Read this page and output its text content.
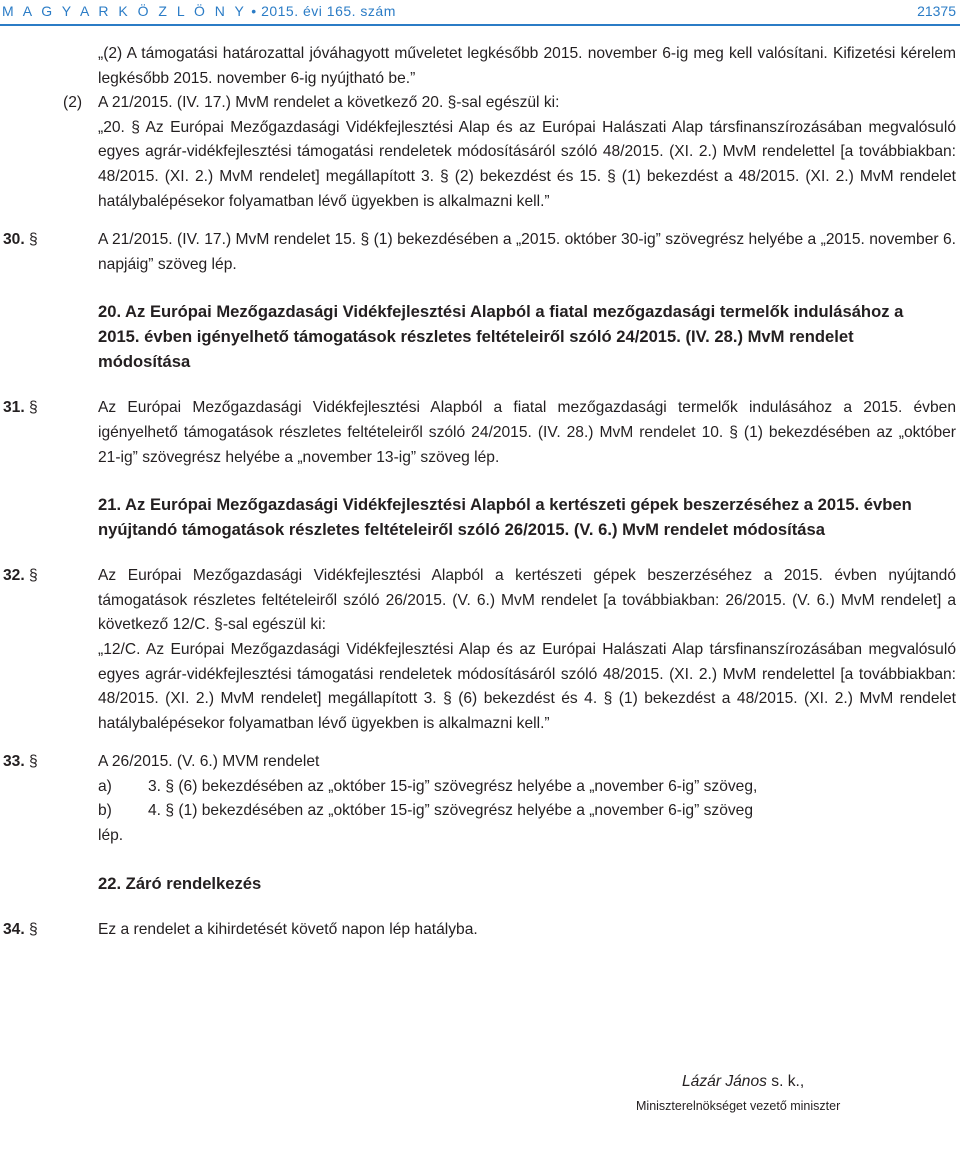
M A G Y A R K Ö Z L Ö N Y • 2015. évi 165. szám	21375
„(2) A támogatási határozattal jóváhagyott műveletet legkésőbb 2015. november 6-ig meg kell valósítani. Kifizetési kérelem legkésőbb 2015. november 6-ig nyújtható be.”
(2) A 21/2015. (IV. 17.) MvM rendelet a következő 20. §-sal egészül ki:
„20. § Az Európai Mezőgazdasági Vidékfejlesztési Alap és az Európai Halászati Alap társfinanszírozásában megvalósuló egyes agrár-vidékfejlesztési támogatási rendeletek módosításáról szóló 48/2015. (XI. 2.) MvM rendelettel [a továbbiakban: 48/2015. (XI. 2.) MvM rendelet] megállapított 3. § (2) bekezdést és 15. § (1) bekezdést a 48/2015. (XI. 2.) MvM rendelet hatálybalépésekor folyamatban lévő ügyekben is alkalmazni kell.”
30. §	A 21/2015. (IV. 17.) MvM rendelet 15. § (1) bekezdésében a „2015. október 30-ig” szövegrész helyébe a „2015. november 6. napjáig” szöveg lép.
20. Az Európai Mezőgazdasági Vidékfejlesztési Alapból a fiatal mezőgazdasági termelők indulásához a 2015. évben igényelhető támogatások részletes feltételeiről szóló 24/2015. (IV. 28.) MvM rendelet módosítása
31. §	Az Európai Mezőgazdasági Vidékfejlesztési Alapból a fiatal mezőgazdasági termelők indulásához a 2015. évben igényelhető támogatások részletes feltételeiről szóló 24/2015. (IV. 28.) MvM rendelet 10. § (1) bekezdésében az „október 21-ig” szövegrész helyébe a „november 13-ig” szöveg lép.
21. Az Európai Mezőgazdasági Vidékfejlesztési Alapból a kertészeti gépek beszerzéséhez a 2015. évben nyújtandó támogatások részletes feltételeiről szóló 26/2015. (V. 6.) MvM rendelet módosítása
32. §	Az Európai Mezőgazdasági Vidékfejlesztési Alapból a kertészeti gépek beszerzéséhez a 2015. évben nyújtandó támogatások részletes feltételeiről szóló 26/2015. (V. 6.) MvM rendelet [a továbbiakban: 26/2015. (V. 6.) MvM rendelet] a következő 12/C. §-sal egészül ki:
„12/C. Az Európai Mezőgazdasági Vidékfejlesztési Alap és az Európai Halászati Alap társfinanszírozásában megvalósuló egyes agrár-vidékfejlesztési támogatási rendeletek módosításáról szóló 48/2015. (XI. 2.) MvM rendelettel [a továbbiakban: 48/2015. (XI. 2.) MvM rendelet] megállapított 3. § (6) bekezdést és 4. § (1) bekezdést a 48/2015. (XI. 2.) MvM rendelet hatálybalépésekor folyamatban lévő ügyekben is alkalmazni kell.”
33. §	A 26/2015. (V. 6.) MVM rendelet
a) 3. § (6) bekezdésében az „október 15-ig” szövegrész helyébe a „november 6-ig” szöveg,
b) 4. § (1) bekezdésében az „október 15-ig” szövegrész helyébe a „november 6-ig” szöveg
lép.
22. Záró rendelkezés
34. §	Ez a rendelet a kihirdetését követő napon lép hatályba.
Lázár János s. k.,
Miniszterelnökséget vezető miniszter
